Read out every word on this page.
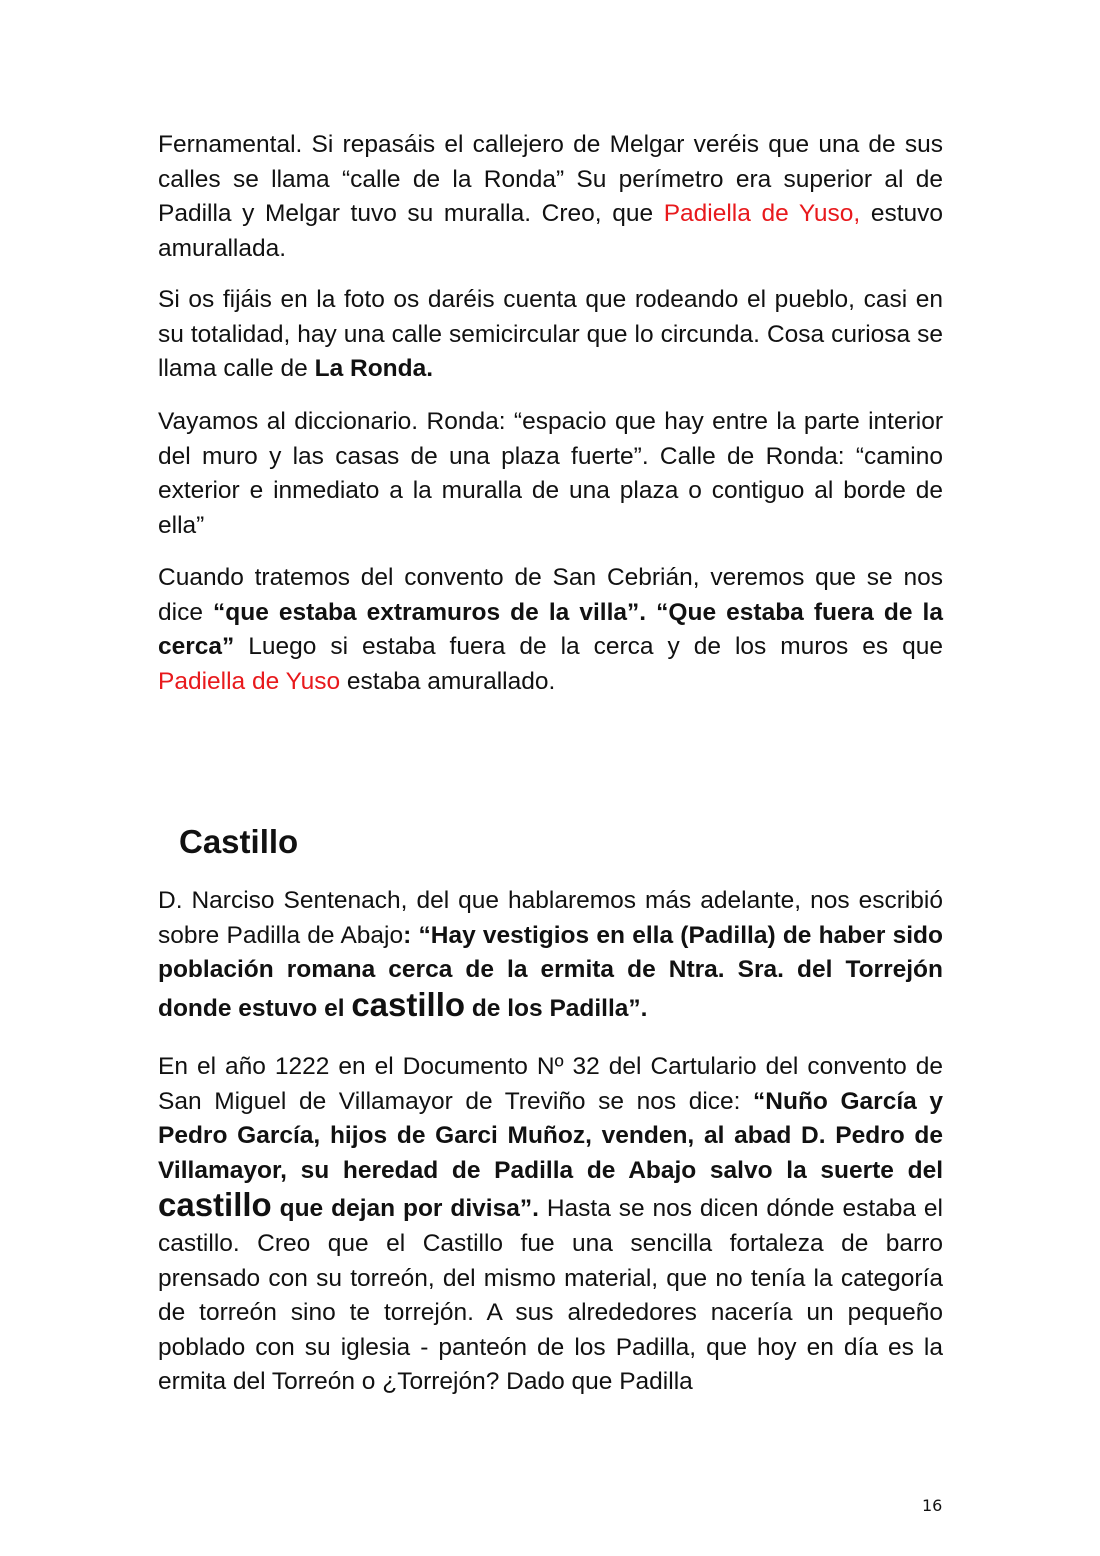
Fernamental. Si repasáis el callejero de Melgar veréis que una de sus calles se llama “calle de la Ronda” Su perímetro era superior al de Padilla y Melgar tuvo su muralla. Creo, que Padiella de Yuso, estuvo amurallada.

Si os fijáis en la foto os daréis cuenta que rodeando el pueblo, casi en su totalidad, hay una calle semicircular que lo circunda. Cosa curiosa se llama calle de La Ronda.

Vayamos al diccionario. Ronda: “espacio que hay entre la parte interior del muro y las casas de una plaza fuerte”. Calle de Ronda: “camino exterior e inmediato a la muralla de una plaza o contiguo al borde de ella”

Cuando tratemos del convento de San Cebrián, veremos que se nos dice “que estaba extramuros de la villa”. “Que estaba fuera de la cerca” Luego si estaba fuera de la cerca y de los muros es que Padiella de Yuso estaba amurallado.

Castillo

D. Narciso Sentenach, del que hablaremos más adelante, nos escribió sobre Padilla de Abajo: “Hay vestigios en ella (Padilla) de haber sido población romana cerca de la ermita de Ntra. Sra. del Torrejón donde estuvo el castillo de los Padilla”.

En el año 1222 en el Documento Nº 32 del Cartulario del convento de San Miguel de Villamayor de Treviño se nos dice: “Nuño García y Pedro García, hijos de Garci Muñoz, venden, al abad D. Pedro de Villamayor, su heredad de Padilla de Abajo salvo la suerte del castillo que dejan por divisa”. Hasta se nos dicen dónde estaba el castillo. Creo que el Castillo fue una sencilla fortaleza de barro prensado con su torreón, del mismo material, que no tenía la categoría de torreón sino te torrejón. A sus alrededores nacería un pequeño poblado con su iglesia - panteón de los Padilla, que hoy en día es la ermita del Torreón o ¿Torrejón? Dado que Padilla

16
